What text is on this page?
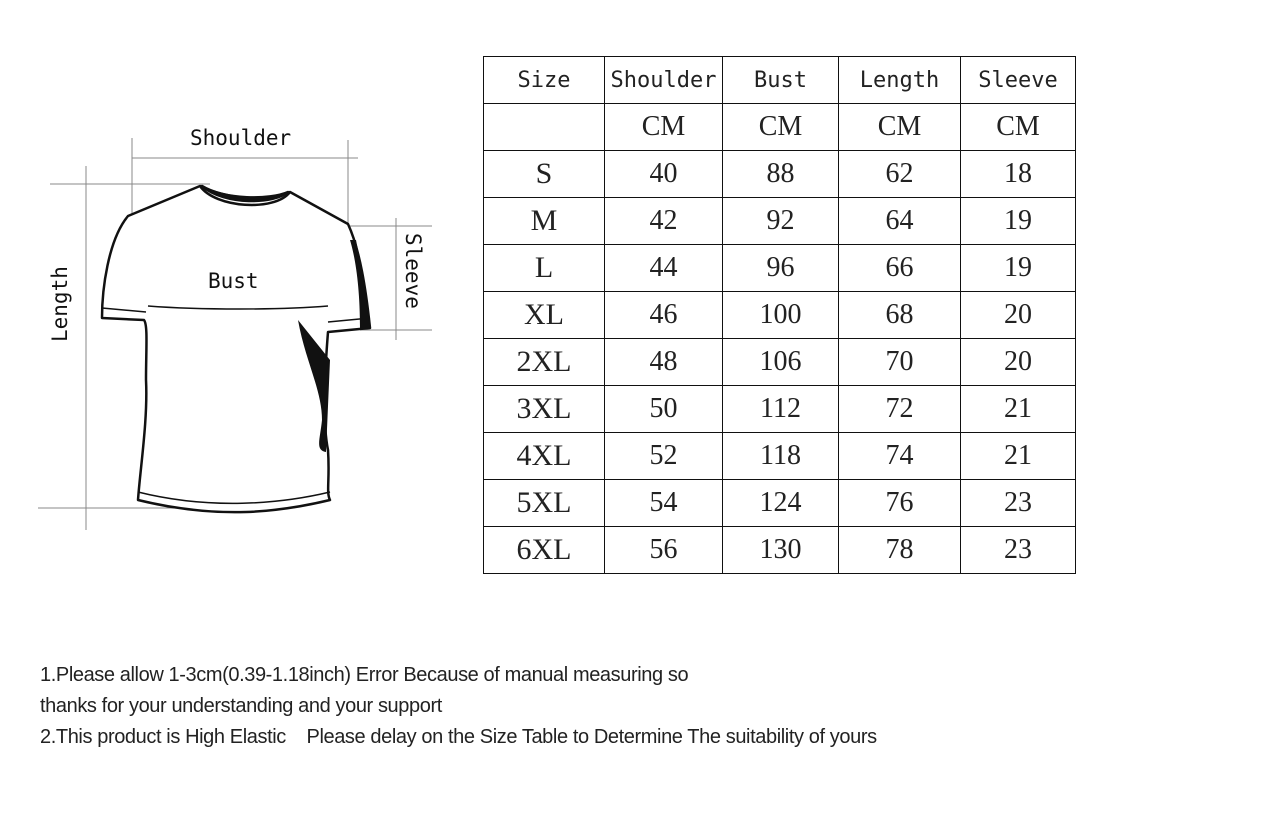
Shoulder
Bust
Length	Sleeve
Size	Shoulder	Bust	Length	Sleeve
	CM	CM	CM	CM
S	40	88	62	18
M	42	92	64	19
L	44	96	66	19
XL	46	100	68	20
2XL	48	106	70	20
3XL	50	112	72	21
4XL	52	118	74	21
5XL	54	124	76	23
6XL	56	130	78	23
1.Please allow 1-3cm(0.39-1.18inch) Error Because of manual measuring so
thanks for your understanding and your support
2.This product is High Elastic    Please delay on the Size Table to Determine The suitability of yours
